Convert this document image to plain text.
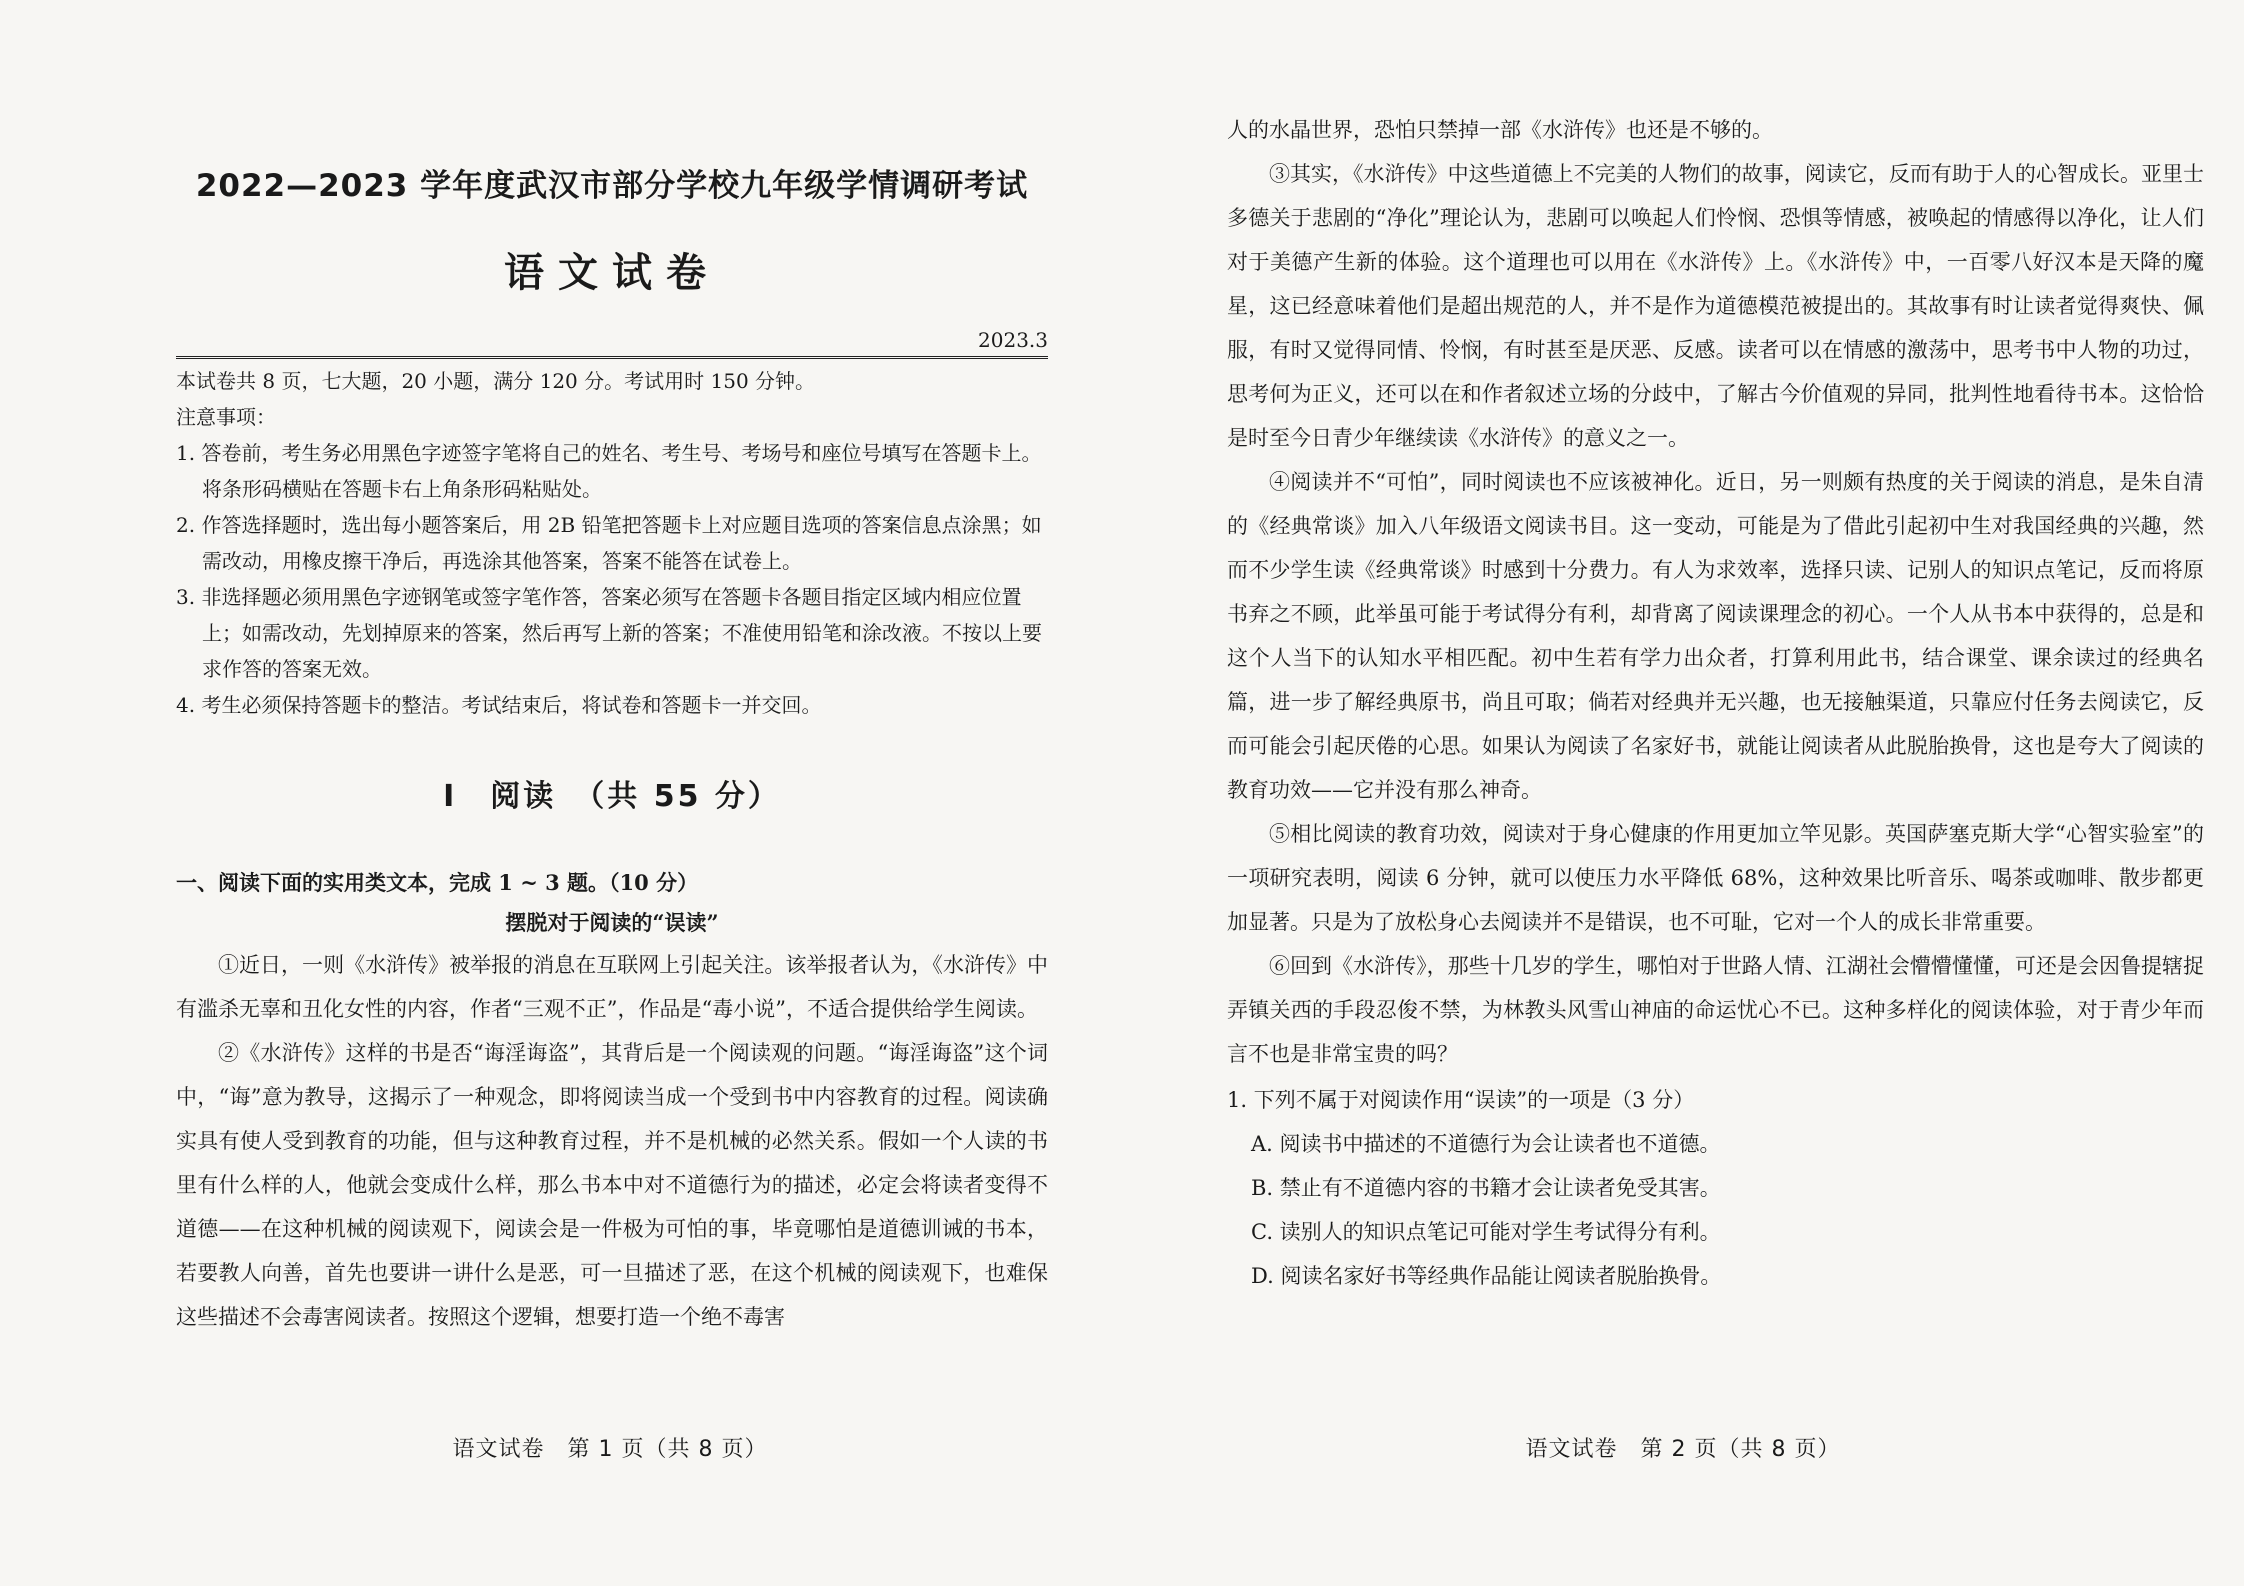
2022—2023 学年度武汉市部分学校九年级学情调研考试
语文试卷
2023.3
本试卷共 8 页，七大题，20 小题，满分 120 分。考试用时 150 分钟。
注意事项：
1. 答卷前，考生务必用黑色字迹签字笔将自己的姓名、考生号、考场号和座位号填写在答题卡上。将条形码横贴在答题卡右上角条形码粘贴处。
2. 作答选择题时，选出每小题答案后，用 2B 铅笔把答题卡上对应题目选项的答案信息点涂黑；如需改动，用橡皮擦干净后，再选涂其他答案，答案不能答在试卷上。
3. 非选择题必须用黑色字迹钢笔或签字笔作答，答案必须写在答题卡各题目指定区域内相应位置上；如需改动，先划掉原来的答案，然后再写上新的答案；不准使用铅笔和涂改液。不按以上要求作答的答案无效。
4. 考生必须保持答题卡的整洁。考试结束后，将试卷和答题卡一并交回。
Ⅰ　阅读　（共 55 分）
一、阅读下面的实用类文本，完成 1 ~ 3 题。（10 分）
摆脱对于阅读的“误读”

①近日，一则《水浒传》被举报的消息在互联网上引起关注。该举报者认为，《水浒传》中有滥杀无辜和丑化女性的内容，作者“三观不正”，作品是“毒小说”，不适合提供给学生阅读。

②《水浒传》这样的书是否“诲淫诲盗”，其背后是一个阅读观的问题。“诲淫诲盗”这个词中，“诲”意为教导，这揭示了一种观念，即将阅读当成一个受到书中内容教育的过程。阅读确实具有使人受到教育的功能，但与这种教育过程，并不是机械的必然关系。假如一个人读的书里有什么样的人，他就会变成什么样，那么书本中对不道德行为的描述，必定会将读者变得不道德——在这种机械的阅读观下，阅读会是一件极为可怕的事，毕竟哪怕是道德训诫的书本，若要教人向善，首先也要讲一讲什么是恶，可一旦描述了恶，在这个机械的阅读观下，也难保这些描述不会毒害阅读者。按照这个逻辑，想要打造一个绝不毒害

语文试卷　第 1 页（共 8 页）

人的水晶世界，恐怕只禁掉一部《水浒传》也还是不够的。

③其实，《水浒传》中这些道德上不完美的人物们的故事，阅读它，反而有助于人的心智成长。亚里士多德关于悲剧的“净化”理论认为，悲剧可以唤起人们怜悯、恐惧等情感，被唤起的情感得以净化，让人们对于美德产生新的体验。这个道理也可以用在《水浒传》上。《水浒传》中，一百零八好汉本是天降的魔星，这已经意味着他们是超出规范的人，并不是作为道德模范被提出的。其故事有时让读者觉得爽快、佩服，有时又觉得同情、怜悯，有时甚至是厌恶、反感。读者可以在情感的激荡中，思考书中人物的功过，思考何为正义，还可以在和作者叙述立场的分歧中，了解古今价值观的异同，批判性地看待书本。这恰恰是时至今日青少年继续读《水浒传》的意义之一。

④阅读并不“可怕”，同时阅读也不应该被神化。近日，另一则颇有热度的关于阅读的消息，是朱自清的《经典常谈》加入八年级语文阅读书目。这一变动，可能是为了借此引起初中生对我国经典的兴趣，然而不少学生读《经典常谈》时感到十分费力。有人为求效率，选择只读、记别人的知识点笔记，反而将原书弃之不顾，此举虽可能于考试得分有利，却背离了阅读课理念的初心。一个人从书本中获得的，总是和这个人当下的认知水平相匹配。初中生若有学力出众者，打算利用此书，结合课堂、课余读过的经典名篇，进一步了解经典原书，尚且可取；倘若对经典并无兴趣，也无接触渠道，只靠应付任务去阅读它，反而可能会引起厌倦的心思。如果认为阅读了名家好书，就能让阅读者从此脱胎换骨，这也是夸大了阅读的教育功效——它并没有那么神奇。

⑤相比阅读的教育功效，阅读对于身心健康的作用更加立竿见影。英国萨塞克斯大学“心智实验室”的一项研究表明，阅读 6 分钟，就可以使压力水平降低 68%，这种效果比听音乐、喝茶或咖啡、散步都更加显著。只是为了放松身心去阅读并不是错误，也不可耻，它对一个人的成长非常重要。

⑥回到《水浒传》，那些十几岁的学生，哪怕对于世路人情、江湖社会懵懵懂懂，可还是会因鲁提辖捉弄镇关西的手段忍俊不禁，为林教头风雪山神庙的命运忧心不已。这种多样化的阅读体验，对于青少年而言不也是非常宝贵的吗？

1. 下列不属于对阅读作用“误读”的一项是（3 分）
A. 阅读书中描述的不道德行为会让读者也不道德。
B. 禁止有不道德内容的书籍才会让读者免受其害。
C. 读别人的知识点笔记可能对学生考试得分有利。
D. 阅读名家好书等经典作品能让阅读者脱胎换骨。
语文试卷　第 2 页（共 8 页）
